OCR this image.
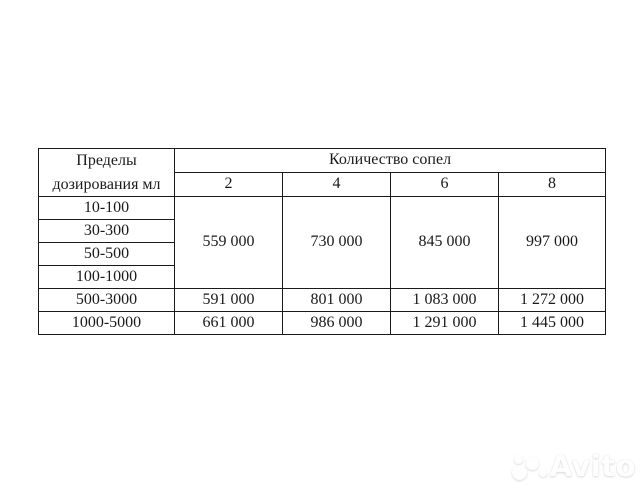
Пределы дозирования мл	Количество сопел			
	2	4	6	8
10-100	559 000	730 000	845 000	997 000
30-300				
50-500				
100-1000				
500-3000	591 000	801 000	1 083 000	1 272 000
1000-5000	661 000	986 000	1 291 000	1 445 000
Avito
